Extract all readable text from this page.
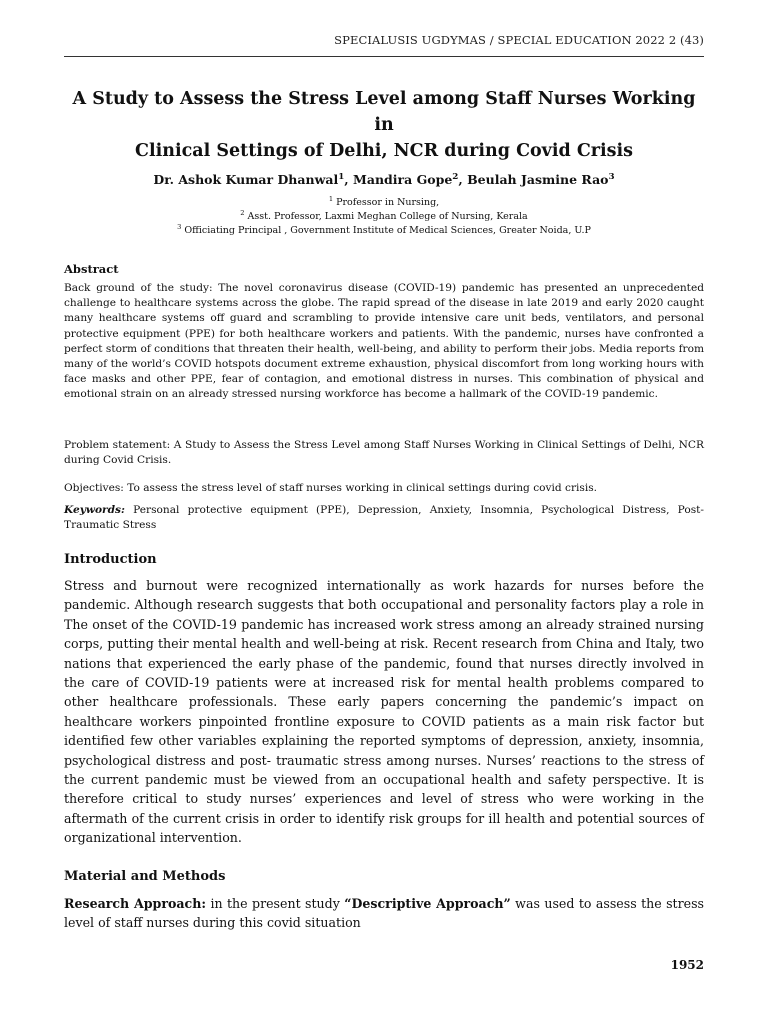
SPECIALUSIS UGDYMAS / SPECIAL EDUCATION 2022 2 (43)
A Study to Assess the Stress Level among Staff Nurses Working in
Clinical Settings of Delhi, NCR during Covid Crisis
Dr. Ashok Kumar Dhanwal$^1$, Mandira Gope$^2$, Beulah Jasmine Rao$^3$
$^1$ Professor in Nursing,
$^2$ Asst. Professor, Laxmi Meghan College of Nursing, Kerala
$^3$ Officiating Principal , Government Institute of Medical Sciences, Greater Noida, U.P
Abstract

Back ground of the study: The novel coronavirus disease (COVID-19) pandemic has presented an unprecedented challenge to healthcare systems across the globe. The rapid spread of the disease in late 2019 and early 2020 caught many healthcare systems off guard and scrambling to provide intensive care unit beds, ventilators, and personal protective equipment (PPE) for both healthcare workers and patients. With the pandemic, nurses have confronted a perfect storm of conditions that threaten their health, well-being, and ability to perform their jobs. Media reports from many of the world’s COVID hotspots document extreme exhaustion, physical discomfort from long working hours with face masks and other PPE, fear of contagion, and emotional distress in nurses. This combination of physical and emotional strain on an already stressed nursing workforce has become a hallmark of the COVID-19 pandemic.

Problem statement: A Study to Assess the Stress Level among Staff Nurses Working in Clinical Settings of Delhi, NCR during Covid Crisis.

Objectives: To assess the stress level of staff nurses working in clinical settings during covid crisis.

Keywords: Personal protective equipment (PPE), Depression, Anxiety, Insomnia, Psychological Distress, Post-Traumatic Stress

Introduction

Stress and burnout were recognized internationally as work hazards for nurses before the pandemic. Although research suggests that both occupational and personality factors play a role in The onset of the COVID-19 pandemic has increased work stress among an already strained nursing corps, putting their mental health and well-being at risk. Recent research from China and Italy, two nations that experienced the early phase of the pandemic, found that nurses directly involved in the care of COVID-19 patients were at increased risk for mental health problems compared to other healthcare professionals. These early papers concerning the pandemic’s impact on healthcare workers pinpointed frontline exposure to COVID patients as a main risk factor but identified few other variables explaining the reported symptoms of depression, anxiety, insomnia, psychological distress and post- traumatic stress among nurses. Nurses’ reactions to the stress of the current pandemic must be viewed from an occupational health and safety perspective. It is therefore critical to study nurses’ experiences and level of stress who were working in the aftermath of the current crisis in order to identify risk groups for ill health and potential sources of organizational intervention.

Material and Methods

Research Approach: in the present study “Descriptive Approach” was used to assess the stress level of staff nurses during this covid situation

1952
